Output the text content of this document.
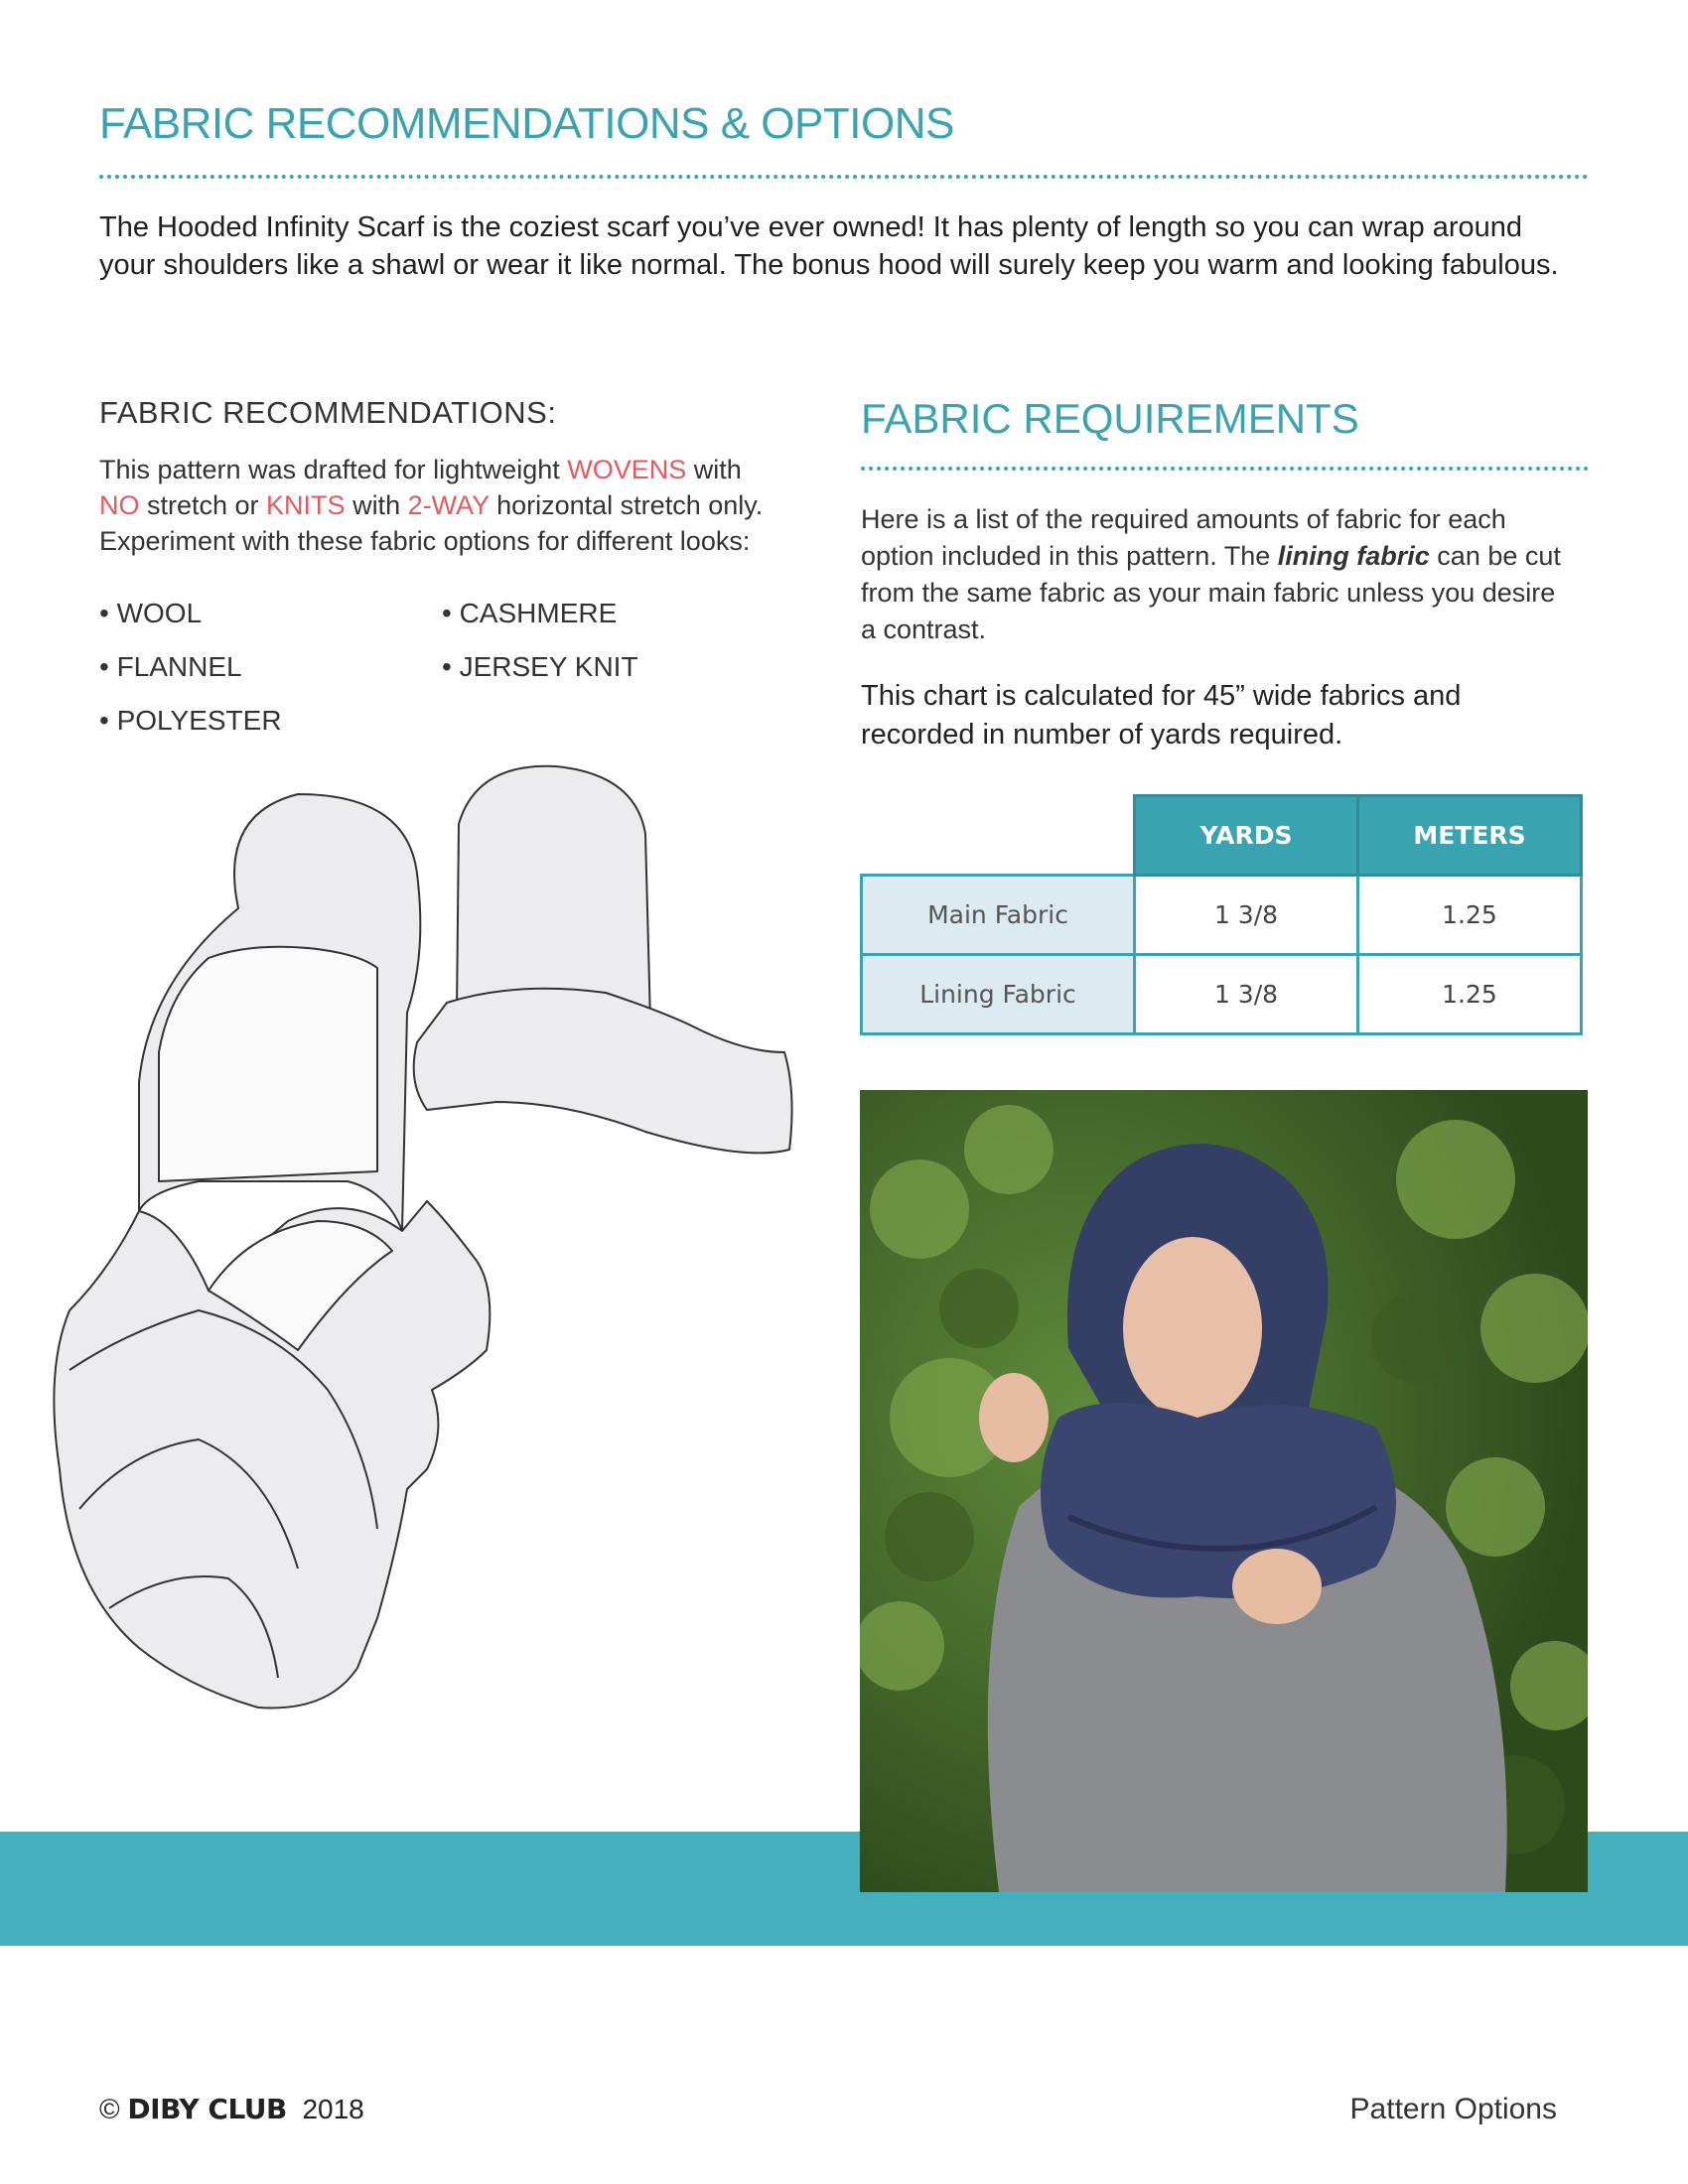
FABRIC RECOMMENDATIONS & OPTIONS

The Hooded Infinity Scarf is the coziest scarf you’ve ever owned! It has plenty of length so you can wrap around
your shoulders like a shawl or wear it like normal. The bonus hood will surely keep you warm and looking fabulous.

FABRIC RECOMMENDATIONS:

This pattern was drafted for lightweight WOVENS with
NO stretch or KNITS with 2-WAY horizontal stretch only.
Experiment with these fabric options for different looks:

• WOOL
• FLANNEL
• POLYESTER
• CASHMERE
• JERSEY KNIT
FABRIC REQUIREMENTS

Here is a list of the required amounts of fabric for each
option included in this pattern. The lining fabric can be cut
from the same fabric as your main fabric unless you desire
a contrast.

This chart is calculated for 45” wide fabrics and
recorded in number of yards required.

	YARDS	METERS
Main Fabric	1 3/8	1.25
Lining Fabric	1 3/8	1.25
© DIBY CLUB 2018	Pattern Options
